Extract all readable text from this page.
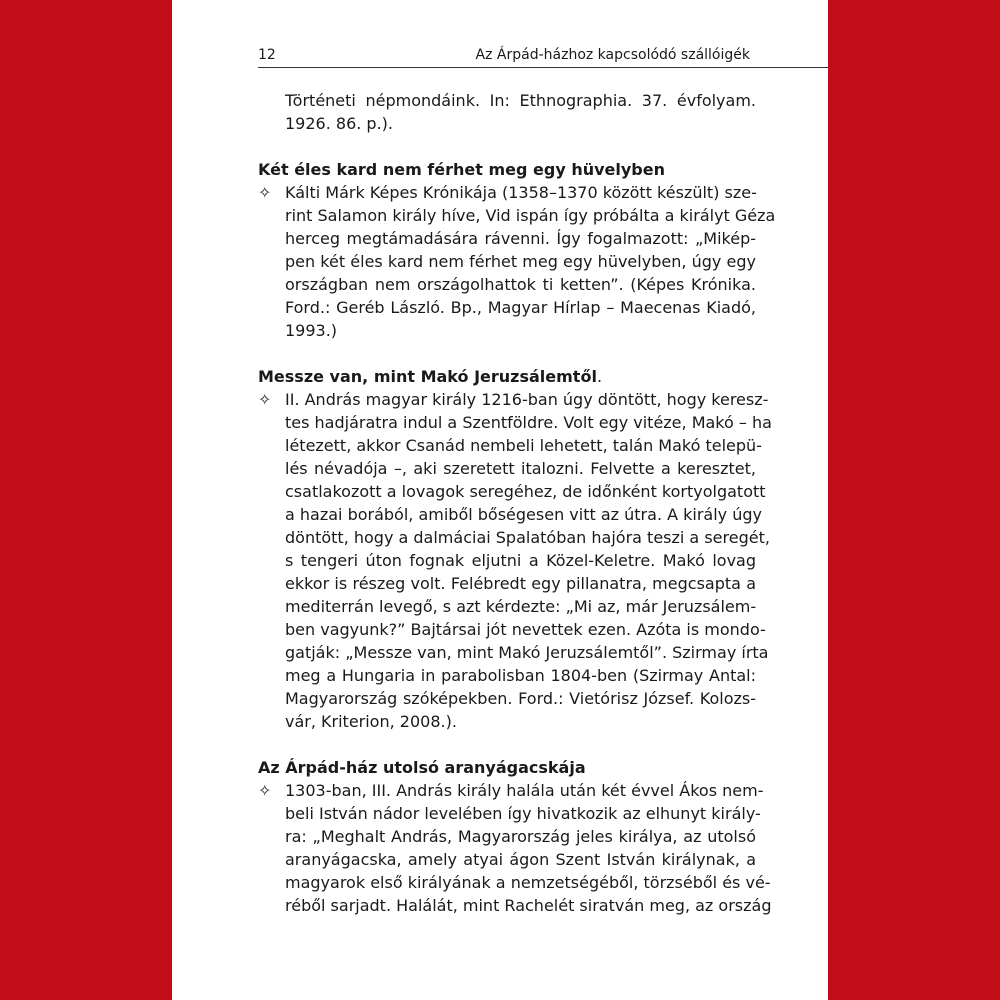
12	Az Árpád-házhoz kapcsolódó szállóigék
Történeti népmondáink. In: Ethnographia. 37. évfolyam.
1926. 86. p.).
Két éles kard nem férhet meg egy hüvelyben
✧ Kálti Márk Képes Krónikája (1358–1370 között készült) sze-
rint Salamon király híve, Vid ispán így próbálta a királyt Géza
herceg megtámadására rávenni. Így fogalmazott: „Mikép-
pen két éles kard nem férhet meg egy hüvelyben, úgy egy
országban nem országolhattok ti ketten”. (Képes Krónika.
Ford.: Geréb László. Bp., Magyar Hírlap – Maecenas Kiadó,
1993.)
Messze van, mint Makó Jeruzsálemtől.
✧ II. András magyar király 1216-ban úgy döntött, hogy keresz-
tes hadjáratra indul a Szentföldre. Volt egy vitéze, Makó – ha
létezett, akkor Csanád nembeli lehetett, talán Makó telepü-
lés névadója –, aki szeretett italozni. Felvette a keresztet,
csatlakozott a lovagok seregéhez, de időnként kortyolgatott
a hazai borából, amiből bőségesen vitt az útra. A király úgy
döntött, hogy a dalmáciai Spalatóban hajóra teszi a seregét,
s tengeri úton fognak eljutni a Közel-Keletre. Makó lovag
ekkor is részeg volt. Felébredt egy pillanatra, megcsapta a
mediterrán levegő, s azt kérdezte: „Mi az, már Jeruzsálem-
ben vagyunk?” Bajtársai jót nevettek ezen. Azóta is mondo-
gatják: „Messze van, mint Makó Jeruzsálemtől”. Szirmay írta
meg a Hungaria in parabolisban 1804-ben (Szirmay Antal:
Magyarország szóképekben. Ford.: Vietórisz József. Kolozs-
vár, Kriterion, 2008.).
Az Árpád-ház utolsó aranyágacskája
✧ 1303-ban, III. András király halála után két évvel Ákos nem-
beli István nádor levelében így hivatkozik az elhunyt király-
ra: „Meghalt András, Magyarország jeles királya, az utolsó
aranyágacska, amely atyai ágon Szent István királynak, a
magyarok első királyának a nemzetségéből, törzséből és vé-
réből sarjadt. Halálát, mint Rachelét siratván meg, az ország
